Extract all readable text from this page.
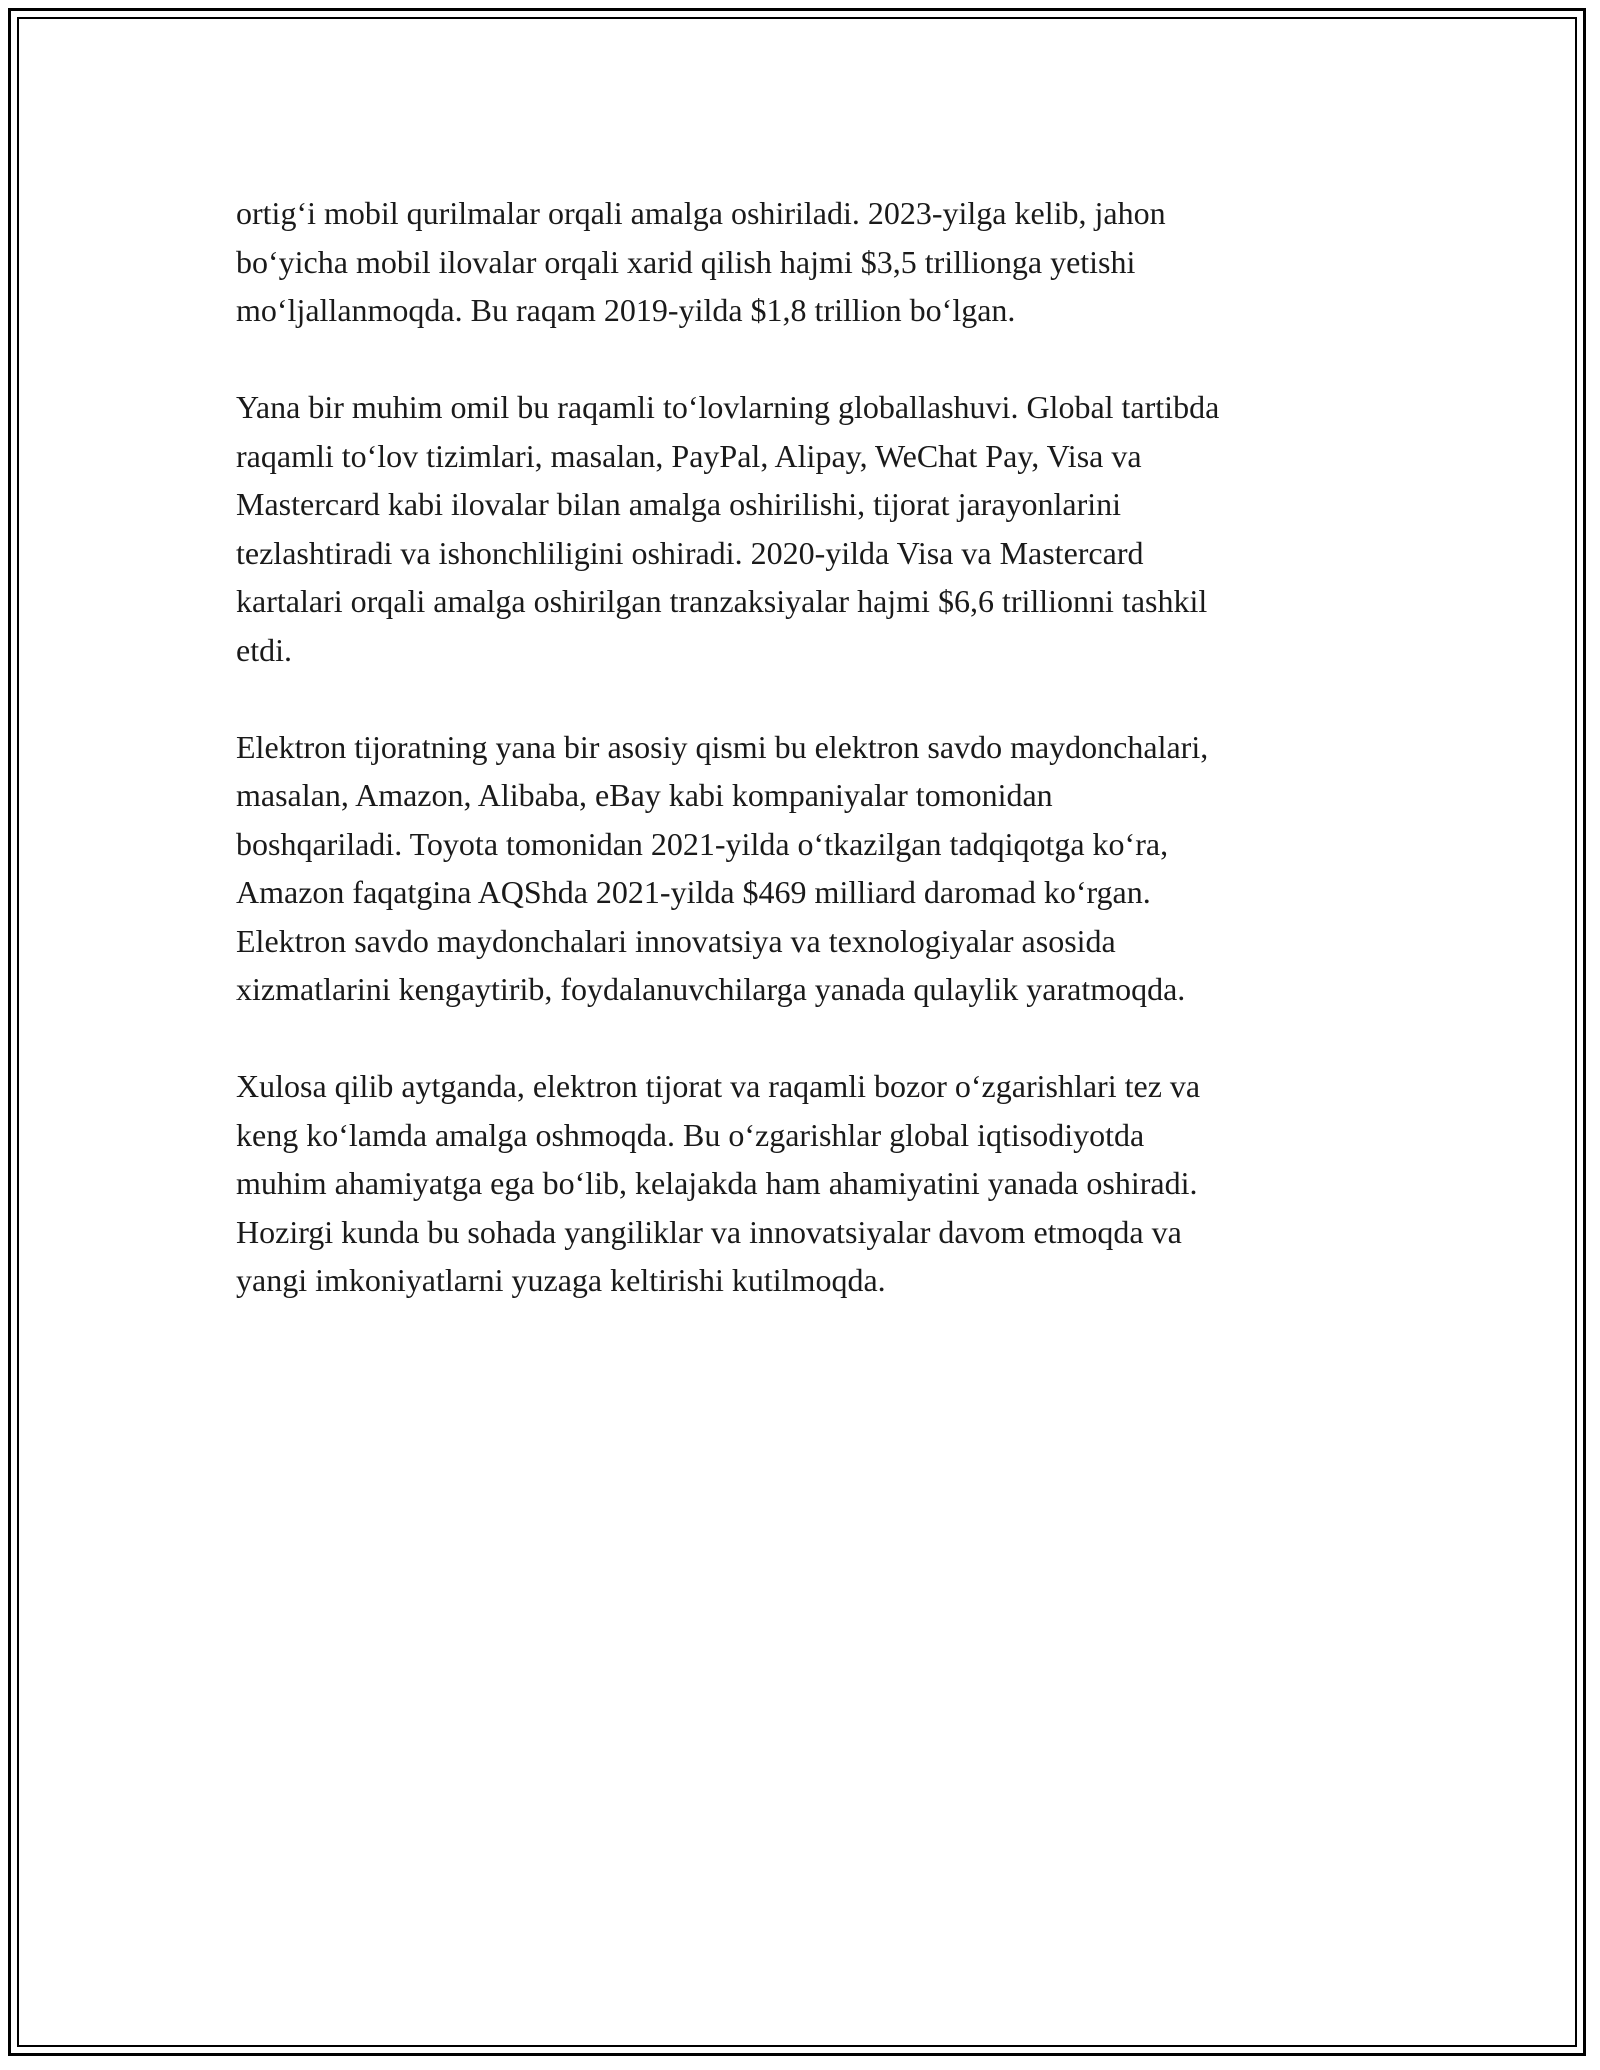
ortig‘i mobil qurilmalar orqali amalga oshiriladi. 2023-yilga kelib, jahon
bo‘yicha mobil ilovalar orqali xarid qilish hajmi $3,5 trillionga yetishi
mo‘ljallanmoqda. Bu raqam 2019-yilda $1,8 trillion bo‘lgan.

Yana bir muhim omil bu raqamli to‘lovlarning globallashuvi. Global tartibda
raqamli to‘lov tizimlari, masalan, PayPal, Alipay, WeChat Pay, Visa va
Mastercard kabi ilovalar bilan amalga oshirilishi, tijorat jarayonlarini
tezlashtiradi va ishonchliligini oshiradi. 2020-yilda Visa va Mastercard
kartalari orqali amalga oshirilgan tranzaksiyalar hajmi $6,6 trillionni tashkil
etdi.

Elektron tijoratning yana bir asosiy qismi bu elektron savdo maydonchalari,
masalan, Amazon, Alibaba, eBay kabi kompaniyalar tomonidan
boshqariladi. Toyota tomonidan 2021-yilda o‘tkazilgan tadqiqotga ko‘ra,
Amazon faqatgina AQShda 2021-yilda $469 milliard daromad ko‘rgan.
Elektron savdo maydonchalari innovatsiya va texnologiyalar asosida
xizmatlarini kengaytirib, foydalanuvchilarga yanada qulaylik yaratmoqda.

Xulosa qilib aytganda, elektron tijorat va raqamli bozor o‘zgarishlari tez va
keng ko‘lamda amalga oshmoqda. Bu o‘zgarishlar global iqtisodiyotda
muhim ahamiyatga ega bo‘lib, kelajakda ham ahamiyatini yanada oshiradi.
Hozirgi kunda bu sohada yangiliklar va innovatsiyalar davom etmoqda va
yangi imkoniyatlarni yuzaga keltirishi kutilmoqda.
